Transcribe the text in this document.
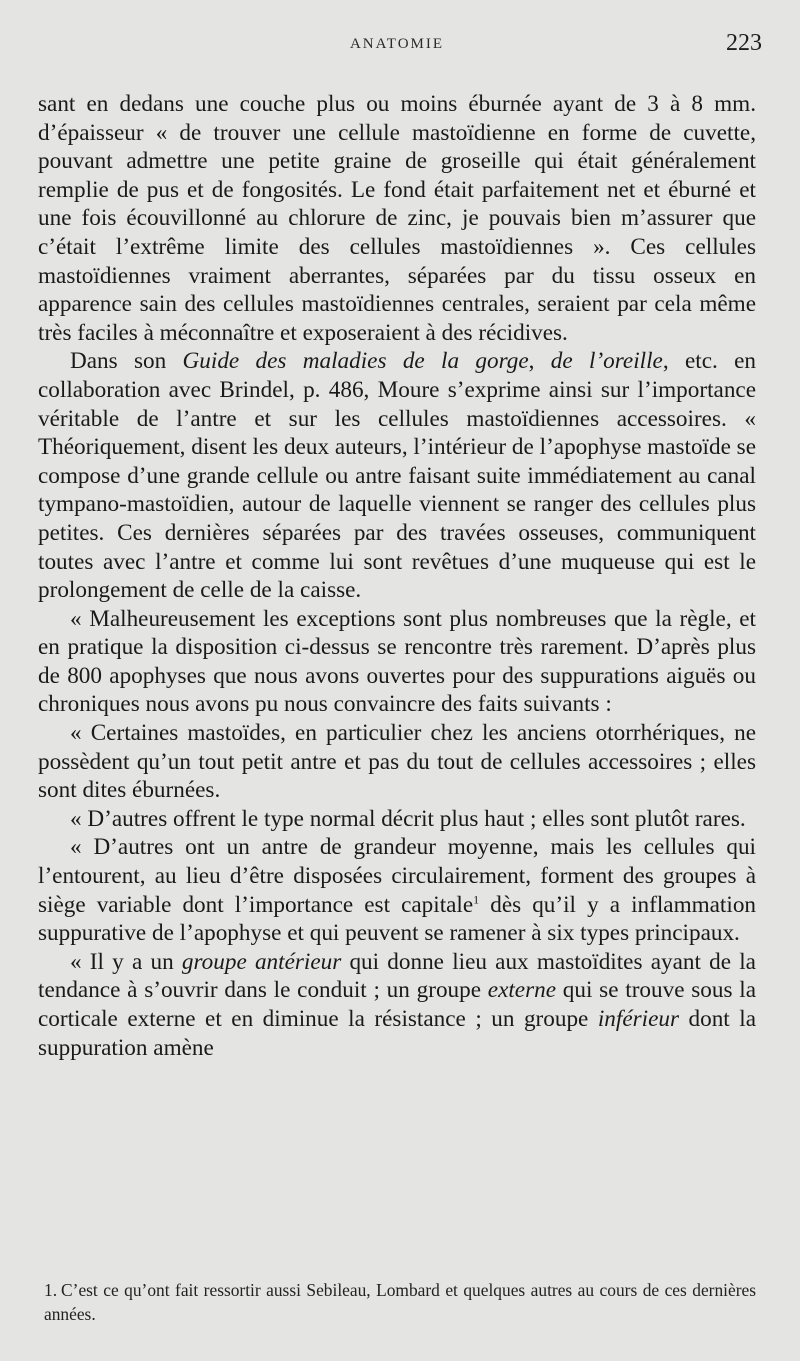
ANATOMIE	223

sant en dedans une couche plus ou moins éburnée ayant de 3 à 8 mm. d’épaisseur « de trouver une cellule mastoïdienne en forme de cuvette, pouvant admettre une petite graine de groseille qui était généralement remplie de pus et de fongosités. Le fond était parfaitement net et éburné et une fois écouvillonné au chlorure de zinc, je pouvais bien m’assurer que c’était l’extrême limite des cellules mastoïdiennes ». Ces cellules mastoïdiennes vraiment aberrantes, séparées par du tissu osseux en apparence sain des cellules mastoïdiennes centrales, seraient par cela même très faciles à méconnaître et exposeraient à des récidives.

Dans son Guide des maladies de la gorge, de l’oreille, etc. en collaboration avec Brindel, p. 486, Moure s’exprime ainsi sur l’importance véritable de l’antre et sur les cellules mastoïdiennes accessoires. « Théoriquement, disent les deux auteurs, l’intérieur de l’apophyse mastoïde se compose d’une grande cellule ou antre faisant suite immédiatement au canal tympano-mastoïdien, autour de laquelle viennent se ranger des cellules plus petites. Ces dernières séparées par des travées osseuses, communiquent toutes avec l’antre et comme lui sont revêtues d’une muqueuse qui est le prolongement de celle de la caisse.

« Malheureusement les exceptions sont plus nombreuses que la règle, et en pratique la disposition ci-dessus se rencontre très rarement. D’après plus de 800 apophyses que nous avons ouvertes pour des suppurations aiguës ou chroniques nous avons pu nous convaincre des faits suivants :

« Certaines mastoïdes, en particulier chez les anciens otorrhériques, ne possèdent qu’un tout petit antre et pas du tout de cellules accessoires ; elles sont dites éburnées.

« D’autres offrent le type normal décrit plus haut ; elles sont plutôt rares.

« D’autres ont un antre de grandeur moyenne, mais les cellules qui l’entourent, au lieu d’être disposées circulairement, forment des groupes à siège variable dont l’importance est capitale$^1$ dès qu’il y a inflammation suppurative de l’apophyse et qui peuvent se ramener à six types principaux.

« Il y a un groupe antérieur qui donne lieu aux mastoïdites ayant de la tendance à s’ouvrir dans le conduit ; un groupe externe qui se trouve sous la corticale externe et en diminue la résistance ; un groupe inférieur dont la suppuration amène

1. C’est ce qu’ont fait ressortir aussi Sebileau, Lombard et quelques autres au cours de ces dernières années.
